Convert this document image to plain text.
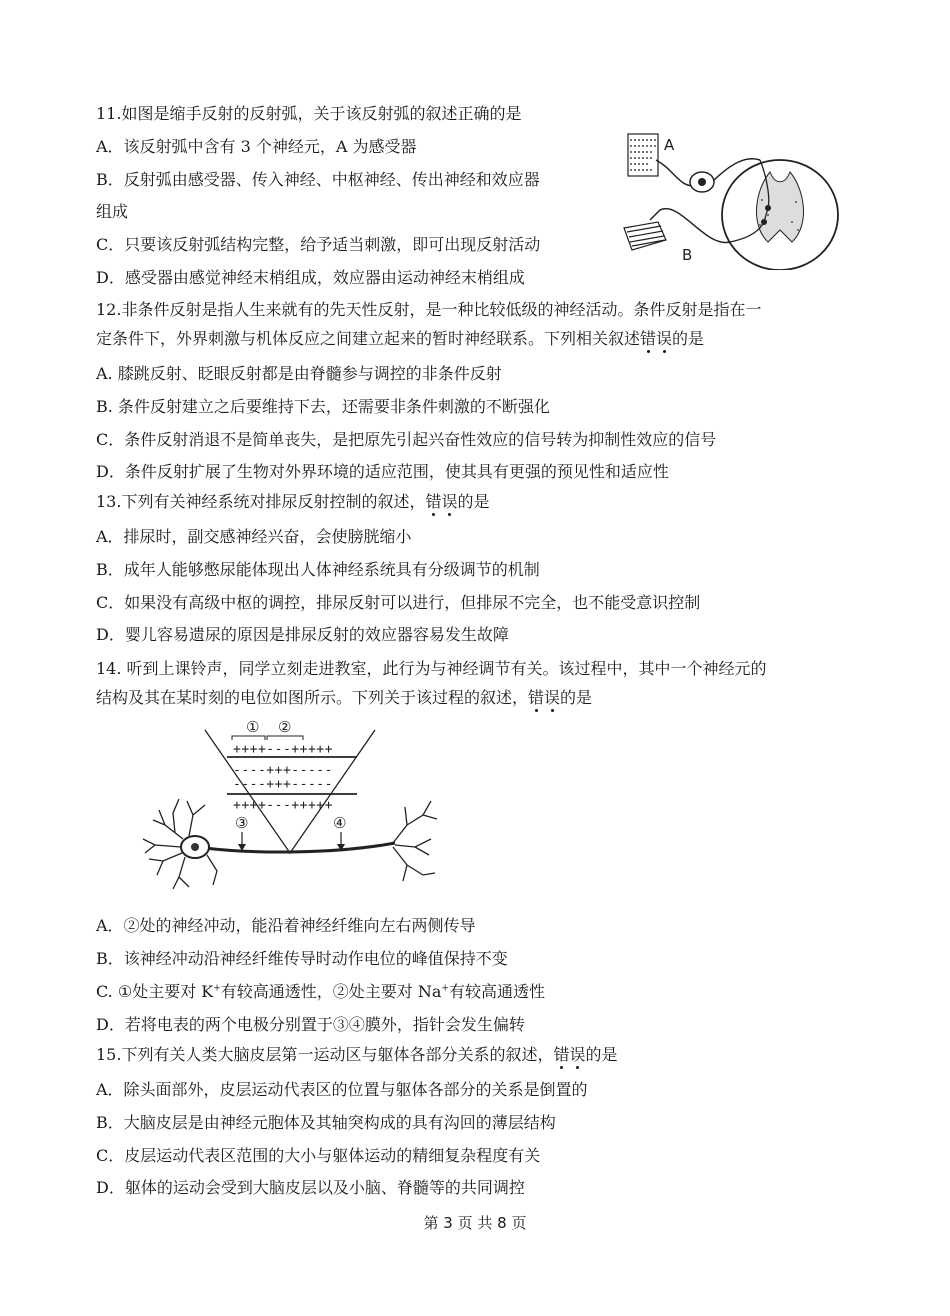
11.如图是缩手反射的反射弧，关于该反射弧的叙述正确的是
A．该反射弧中含有 3 个神经元，A 为感受器
B．反射弧由感受器、传入神经、中枢神经、传出神经和效应器
组成
C．只要该反射弧结构完整，给予适当刺激，即可出现反射活动
D．感受器由感觉神经末梢组成，效应器由运动神经末梢组成
A
B
12.非条件反射是指人生来就有的先天性反射，是一种比较低级的神经活动。条件反射是指在一
定条件下，外界刺激与机体反应之间建立起来的暂时神经联系。下列相关叙述错误的是
A. 膝跳反射、眨眼反射都是由脊髓参与调控的非条件反射
B. 条件反射建立之后要维持下去，还需要非条件刺激的不断强化
C．条件反射消退不是简单丧失，是把原先引起兴奋性效应的信号转为抑制性效应的信号
D．条件反射扩展了生物对外界环境的适应范围，使其具有更强的预见性和适应性
13.下列有关神经系统对排尿反射控制的叙述，错误的是
A．排尿时，副交感神经兴奋，会使膀胱缩小
B．成年人能够憋尿能体现出人体神经系统具有分级调节的机制
C．如果没有高级中枢的调控，排尿反射可以进行，但排尿不完全，也不能受意识控制
D．婴儿容易遗尿的原因是排尿反射的效应器容易发生故障
14. 听到上课铃声，同学立刻走进教室，此行为与神经调节有关。该过程中，其中一个神经元的
结构及其在某时刻的电位如图所示。下列关于该过程的叙述，错误的是
① ②
++++---+++++
----+++-----
----+++-----
++++---+++++
③	④
A．②处的神经冲动，能沿着神经纤维向左右两侧传导
B．该神经冲动沿神经纤维传导时动作电位的峰值保持不变
C. ①处主要对 K+有较高通透性，②处主要对 Na+有较高通透性
D．若将电表的两个电极分别置于③④膜外，指针会发生偏转
15.下列有关人类大脑皮层第一运动区与躯体各部分关系的叙述，错误的是
A．除头面部外，皮层运动代表区的位置与躯体各部分的关系是倒置的
B．大脑皮层是由神经元胞体及其轴突构成的具有沟回的薄层结构
C．皮层运动代表区范围的大小与躯体运动的精细复杂程度有关
D．躯体的运动会受到大脑皮层以及小脑、脊髓等的共同调控
第 3 页 共 8 页
